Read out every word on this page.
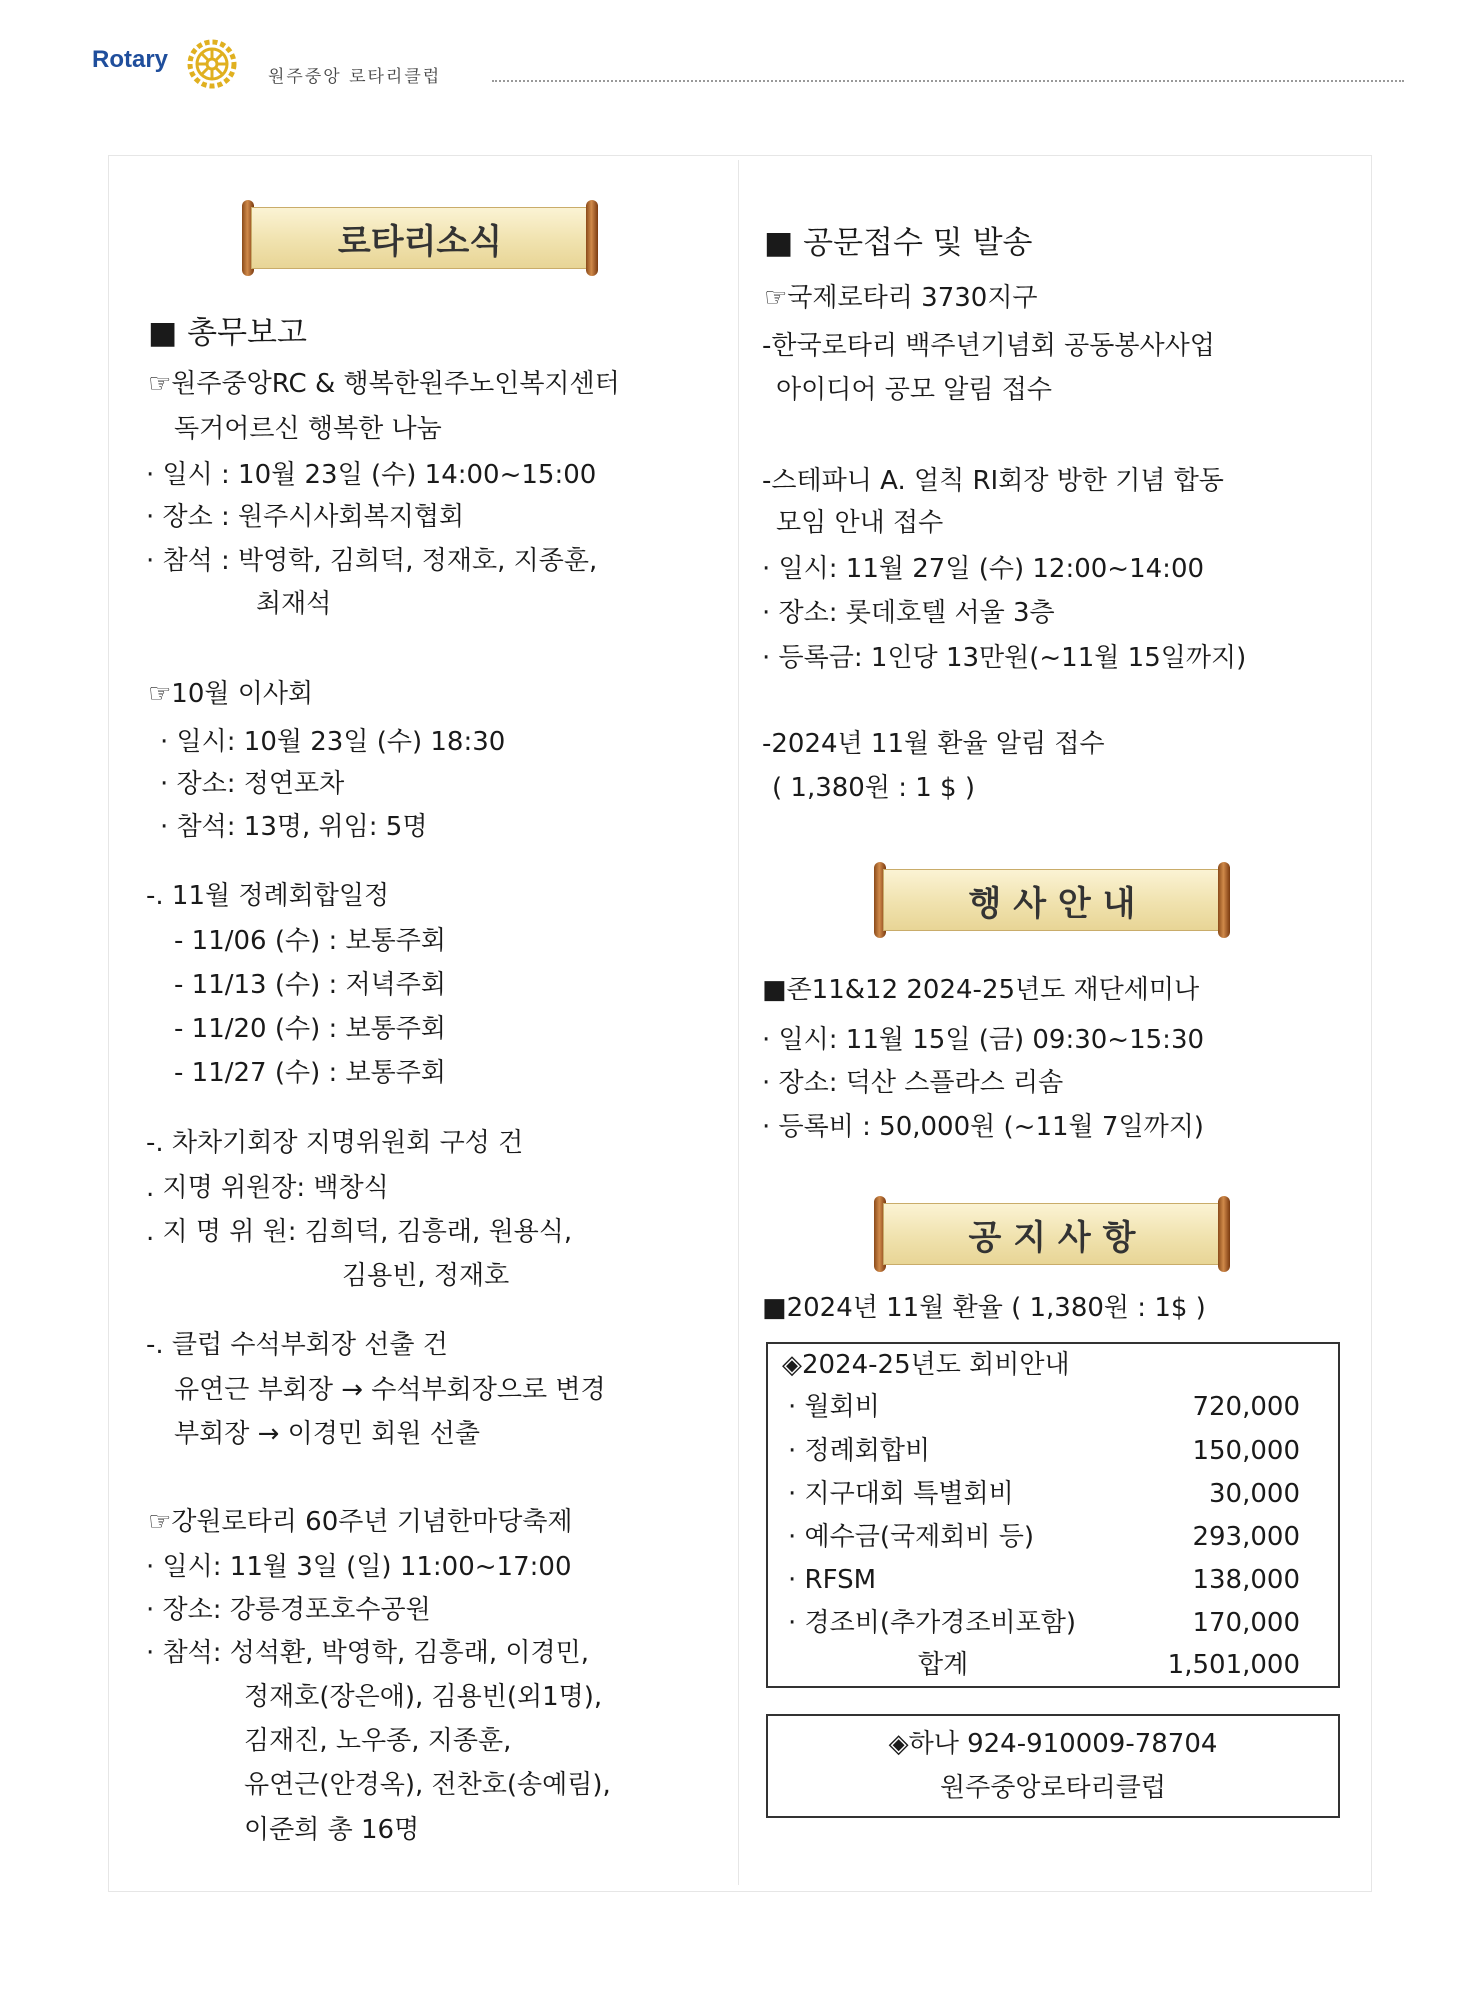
Rotary
원주중앙 로타리클럽
로타리소식
■ 총무보고
☞원주중앙RC & 행복한원주노인복지센터
독거어르신 행복한 나눔
· 일시 : 10월 23일 (수) 14:00~15:00
· 장소 : 원주시사회복지협회
· 참석 : 박영학, 김희덕, 정재호, 지종훈,
최재석
☞10월 이사회
· 일시: 10월 23일 (수) 18:30
· 장소: 정연포차
· 참석: 13명, 위임: 5명
-. 11월 정례회합일정
- 11/06 (수) : 보통주회
- 11/13 (수) : 저녁주회
- 11/20 (수) : 보통주회
- 11/27 (수) : 보통주회
-. 차차기회장 지명위원회 구성 건
. 지명 위원장: 백창식
. 지 명 위 원: 김희덕, 김흥래, 원용식,
김용빈, 정재호
-. 클럽 수석부회장 선출 건
유연근 부회장 → 수석부회장으로 변경
부회장 → 이경민 회원 선출
☞강원로타리 60주년 기념한마당축제
· 일시: 11월 3일 (일) 11:00~17:00
· 장소: 강릉경포호수공원
· 참석: 성석환, 박영학, 김흥래, 이경민,
정재호(장은애), 김용빈(외1명),
김재진, 노우종, 지종훈,
유연근(안경옥), 전찬호(송예림),
이준희 총 16명
■ 공문접수 및 발송
☞국제로타리 3730지구
-한국로타리 백주년기념회 공동봉사사업
아이디어 공모 알림 접수
-스테파니 A. 얼칙 RI회장 방한 기념 합동
모임 안내 접수
· 일시: 11월 27일 (수) 12:00~14:00
· 장소: 롯데호텔 서울 3층
· 등록금: 1인당 13만원(~11월 15일까지)
-2024년 11월 환율 알림 접수
( 1,380원 : 1 $ )
행 사 안 내
■존11&12 2024-25년도 재단세미나
· 일시: 11월 15일 (금) 09:30~15:30
· 장소: 덕산 스플라스 리솜
· 등록비 : 50,000원 (~11월 7일까지)
공 지 사 항
■2024년 11월 환율 ( 1,380원 : 1$ )
◈2024-25년도 회비안내
· 월회비	720,000
· 정례회합비	150,000
· 지구대회 특별회비	30,000
· 예수금(국제회비 등)	293,000
· RFSM	138,000
· 경조비(추가경조비포함)	170,000
합계	1,501,000
◈하나 924-910009-78704
원주중앙로타리클럽
